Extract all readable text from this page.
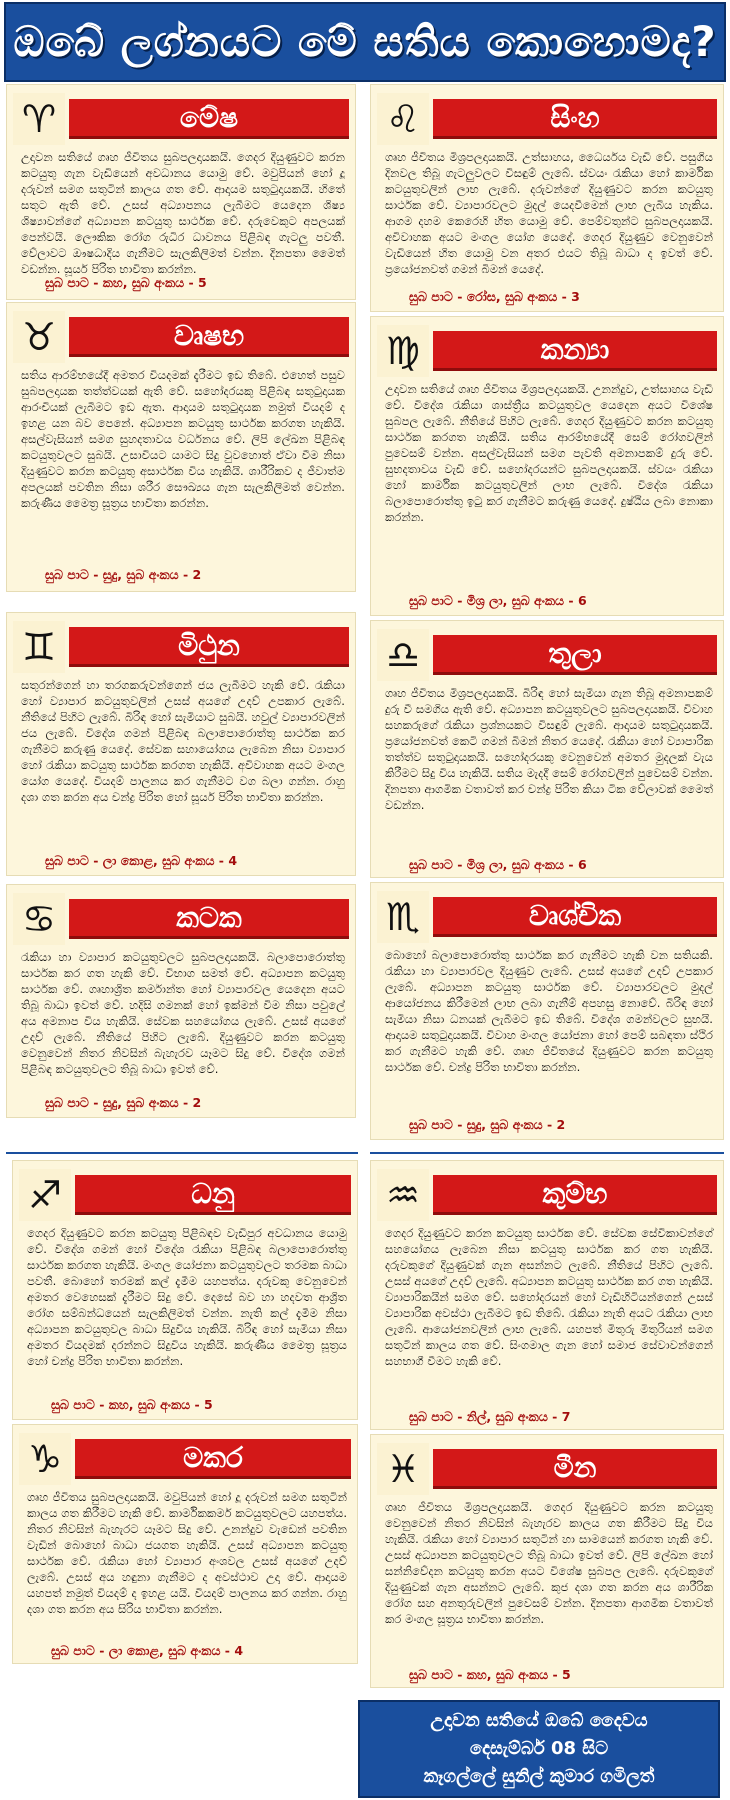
ඔබේ ලග්නයට මේ සතිය කොහොමද?
♈	මේෂ
උදාවන සතියේ ගෘහ ජීවිතය සුබපලදායකයි. ගෙදර දියුණුවට කරන කටයුතු ගැන වැඩියෙන් අවධානය යොමු වේ. මවුපියන් හෝ දූ දරුවන් සමග සතුටින් කාලය ගත වේ. ආදායම සතුටුදායකයි. හිතේ සතුට ඇති වේ. උසස් අධ්‍යාපනය ලැබීමට යෙදෙන ශිෂ්‍ය ශිෂ්‍යාවන්ගේ අධ්‍යාපන කටයුතු සාර්ථක වේ. දරුවෙකුට අපලයක් පෙන්වයි. ලෞකික රෝග රුධිර ධාවනය පිළිබඳ ගැටලු පවතී. වේලාවට ඖෂධාදිය ගැනීමට සැලකිලිමත් වන්න. දිනපතා මෛත් වඩන්න. සූර්ය පිරිත භාවිතා කරන්න.
සුබ පාට - කහ, සුබ අංකය - 5
♉	වෘෂභ
සතිය ආරම්භයේදී අමතර වියදමක් දැරීමට ඉඩ තිබේ. එහෙත් පසුව සුබපලදායක තත්ත්වයක් ඇති වේ. සහෝදරයකු පිළිබඳ සතුටුදායක ආරංචියක් ලැබීමට ඉඩ ඇත. ආදායම සතුටුදායක නමුත් වියදම් ද ඉහළ යන බව පෙනේ. අධ්‍යාපන කටයුතු සාර්ථක කරගත හැකියි. අසල්වැසියන් සමග සුහදතාවය වර්ධනය වේ. ලිපි ලේඛන පිළිබඳ කටයුතුවලට සුබයි. උසාවියට යාමට සිදු වුවහොත් ඒවා වීම නිසා දියුණුවට කරන කටයුතු අසාර්ථක විය හැකියි. ශාරීරිකව ද ජීවාත්ම අපලයක් පවතින නිසා ශරීර සෞඛ්‍යය ගැන සැලකිලිමත් වෙන්න. කරුණීය මෛත්‍ර සූත්‍රය භාවිතා කරන්න.
සුබ පාට - සුදු, සුබ අංකය - 2
♊	මිථුන
සතුරන්ගෙන් හා තරගකරුවන්ගෙන් ජය ලැබීමට හැකි වේ. රැකියා හෝ ව්‍යාපාර කටයුතුවලින් උසස් අයගේ උදව් උපකාර ලැබේ. නීතියේ පිහිට ලැබේ. බිරිඳ හෝ සැමියාට සුබයි. හවුල් ව්‍යාපාරවලින් ජය ලැබේ. විදේශ ගමන් පිළිබඳ බලාපොරොත්තු සාර්ථක කර ගැනීමට කරුණු යෙදේ. සේවක සහායෝගය ලැබෙන නිසා ව්‍යාපාර හෝ රැකියා කටයුතු සාර්ථක කරගත හැකියි. අවිවාහක අයට මංගල යෝග යෙදේ. වියදම් පාලනය කර ගැනීමට වග බලා ගන්න. රාහු දශා ගත කරන අය චන්ද්‍ර පිරිත හෝ සූර්ය පිරිත භාවිතා කරන්න.
සුබ පාට - ලා කොළ, සුබ අංකය - 4
♋	කටක
රැකියා හා ව්‍යාපාර කටයුතුවලට සුබපලදායකයි. බලාපොරොත්තු සාර්ථක කර ගත හැකි වේ. විභාග සමත් වේ. අධ්‍යාපන කටයුතු සාර්ථක වේ. ගෘහාශ්‍රිත කර්මාන්ත හෝ ව්‍යාපාරවල යෙදෙන අයට තිබූ බාධා ඉවත් වේ. හදිසි ගමනක් හෝ ඉක්මන් විම නිසා පවුලේ අය අමනාප විය හැකියි. සේවක සහයෝගය ලැබේ. උසස් අයගේ උදව් ලැබේ. නීතියේ පිහිට ලැබේ. දියුණුවට කරන කටයුතු වෙනුවෙන් නිතර නිවසින් බැහැරව යෑමට සිදු වේ. විදේශ ගමන් පිළිබඳ කටයුතුවලට තිබූ බාධා ඉවත් වේ.
සුබ පාට - සුදු, සුබ අංකය - 2
♌	සිංහ
ගෘහ ජීවිතය මිශ්‍රපලදායකයි. උත්සාහය, ධෛර්යය වැඩි වේ. පසුගිය දිනවල තිබූ ගැටලුවලට විසඳුම් ලැබේ. ස්වයං රැකියා හෝ කාර්මික කටයුතුවලින් ලාභ ලැබේ. දරුවන්ගේ දියුණුවට කරන කටයුතු සාර්ථක වේ. ව්‍යාපාරවලට මුදල් යෙදවීමෙන් ලාභ ලැබිය හැකිය. ආගම දහම කෙරෙහි හිත යොමු වේ. පෙම්වතුන්ට සුබපලදායකයි. අවිවාහක අයට මංගල යෝග යෙදේ. ගෙදර දියුණුව වෙනුවෙන් වැඩියෙන් හිත යොමු වන අතර එයට තිබූ බාධා ද ඉවත් වේ. ප්‍රයෝජනවත් ගමන් බිමන් යෙදේ.
සුබ පාට - රෝස, සුබ අංකය - 3
♍	කන්‍යා
උදාවන සතියේ ගෘහ ජීවිතය මිශ්‍රපලදායකයි. උනන්දුව, උත්සාහය වැඩි වේ. විදේශ රැකියා ශාස්ත්‍රීය කටයුතුවල යෙදෙන අයට විශේෂ සුබපල ලැබේ. නීතියේ පිහිට ලැබේ. ගෙදර දියුණුවට කරන කටයුතු සාර්ථක කරගත හැකියි. සතිය ආරම්භයේදී සෙම් රෝගවලින් පුවෙසම් වන්න. අසල්වැසියන් සමග පැවති අමනාපකම් දුරු වේ. සුභදතාවය වැඩි වේ. සහෝදරයන්ට සුබපලදායකයි. ස්වයං රැකියා හෝ කාර්මික කටයුතුවලින් ලාභ ලැබේ. විදේශ රැකියා බලාපොරොත්තු ඉටු කර ගැනීමට කරුණු යෙදේ. දුෂ්ඨිය ලබා නොකා කරන්න.
සුබ පාට - මිශ්‍ර ලා, සුබ අංකය - 6
♎	තුලා
ගෘහ ජීවිතය මිශ්‍රපලදායකයි. බිරිඳ හෝ සැමියා ගැන තිබූ අමනාපකම් දුරු වී සමගිය ඇති වේ. අධ්‍යාපන කටයුතුවලට සුබපලදායකයි. විවාහ සහකරුගේ රැකියා ප්‍රශ්නයකට විසඳුම් ලැබේ. ආදායම සතුටුදායකයි. ප්‍රයෝජනවත් කෙටි ගමන් බිමන් නිතර යෙදේ. රැකියා හෝ ව්‍යාපාරික තත්ත්ව සතුටුදායකයි. සහෝදරයකු වෙනුවෙන් අමතර මුදලක් වැය කිරීමට සිදු විය හැකියි. සතිය මැදදී සෙම් රෝගවලින් පුවෙසම් වන්න. දිනපතා ආගමික වතාවත් කර චන්ද්‍ර පිරිත කියා ටික වේලාවක් මෛත් වඩන්න.
සුබ පාට - මිශ්‍ර ලා, සුබ අංකය - 6
♏	වෘශ්චික
බොහෝ බලාපොරොත්තු සාර්ථක කර ගැනීමට හැකි වන සතියකි. රැකියා හා ව්‍යාපාරවල දියුණුව ලැබේ. උසස් අයගේ උදව් උපකාර ලැබේ. අධ්‍යාපන කටයුතු සාර්ථක වේ. ව්‍යාපාරවලට මුදල් ආයෝජනය කිරීමෙන් ලාභ ලබා ගැනීම් අපහසු නොවේ. බිරිඳ හෝ සැමියා නිසා ධනයක් ලැබීමට ඉඩ තිබේ. විදේශ ගමන්වලට සුභයි. ආදායම සතුටුදායකයි. විවාහ මංගල යෝජනා හෝ පෙම් සබඳතා ස්ථිර කර ගැනීමට හැකි වේ. ගෘහ ජීවිතයේ දියුණුවට කරන කටයුතු සාර්ථක වේ. චන්ද්‍ර පිරිත භාවිතා කරන්න.
සුබ පාට - සුදු, සුබ අංකය - 2
♐	ධනු
ගෙදර දියුණුවට කරන කටයුතු පිළිබඳව වැඩිපුර අවධානය යොමු වේ. විදේශ ගමන් හෝ විදේශ රැකියා පිළිබඳ බලාපොරොත්තු සාර්ථක කරගත හැකියි. මංගල යෝජනා කටයුතුවලට තරමක බාධා පවතී. බොහෝ තරමක් කල් දැමීම යහපත්ය. දරුවකු වෙනුවෙන් අමතර වෙහෙසක් දැරීමට සිදු වේ. දෙසේ බව හා හදවත ආශ්‍රිත රෝග සම්බන්ධයෙන් සැලකිලිමත් වන්න. නැති කල් දැමීම නිසා අධ්‍යාපන කටයුතුවල බාධා සිදුවිය හැකියි. බිරිඳ හෝ සැමියා නිසා අමතර වියදමක් දරන්නට සිදුවිය හැකියි. කරුණීය මෛත්‍ර සූත්‍රය හෝ චන්ද්‍ර පිරිත භාවිතා කරන්න.
සුබ පාට - කහ, සුබ අංකය - 5
♑	මකර
ගෘහ ජීවිතය සුබපලදායකයි. මවුපියන් හෝ දූ දරුවන් සමග සතුටින් කාලය ගත කිරීමට හැකි වේ. කාර්මිකකර්ම කටයුතුවලට යහපත්ය. නිතර නිවසින් බැහැරට යෑමට සිදු වේ. උනන්දුව වැඩෙන් පවතින වැඩින් බොහෝ බාධා ජයගත හැකියි. උසස් අධ්‍යාපන කටයුතු සාර්ථක වේ. රැකියා හෝ ව්‍යාපාර අංශවල උසස් අයගේ උදව් ලැබේ. උසස් අය හඳුනා ගැනීමට ද අවස්ථාව උදා වේ. ආදායම යහපත් නමුත් වියදම් ද ඉහළ යයි. වියදම් පාලනය කර ගන්න. රාහු දශා ගත කරන අය සිරිය භාවිතා කරන්න.
සුබ පාට - ලා කොළ, සුබ අංකය - 4
♒	කුම්භ
ගෙදර දියුණුවට කරන කටයුතු සාර්ථක වේ. සේවක සේවිකාවන්ගේ සහයෝගය ලැබෙන නිසා කටයුතු සාර්ථක කර ගත හැකියි. දරුවකුගේ දියුණුවක් ගැන අසන්නට ලැබේ. නීතියේ පිහිට ලැබේ. උසස් අයගේ උදව් ලැබේ. අධ්‍යාපන කටයුතු සාර්ථක කර ගත හැකියි. ව්‍යාපාරිකයින් සමග වේ. සහෝදරයන් හෝ වැඩිහිටියන්ගෙන් උසස් ව්‍යාපාරික අවස්ථා ලැබීමට ඉඩ තිබේ. රැකියා නැති අයට රැකියා ලාභ ලැබේ. ආයෝජනවලින් ලාභ ලැබේ. යහපත් මිතුරු මිතුරියන් සමග සතුටින් කාලය ගත වේ. සිංගමාල ගැන හෝ සමාජ සේවාවන්ගෙන් සහභාගී වීමට හැකි වේ.
සුබ පාට - නිල්, සුබ අංකය - 7
♓	මීන
ගෘහ ජීවිතය මිශ්‍රපලදායකයි. ගෙදර දියුණුවට කරන කටයුතු වෙනුවෙන් නිතර නිවසින් බැහැරව කාලය ගත කිරීමට සිදු විය හැකියි. රැකියා හෝ ව්‍යාපාර සතුටින් හා සාමයෙන් කරගත හැකි වේ. උසස් අධ්‍යාපන කටයුතුවලට තිබූ බාධා ඉවත් වේ. ලිපි ලේඛන හෝ සන්නිවේදන කටයුතු කරන අයට විශේෂ සුබපල ලැබේ. දරුවකුගේ දියුණුවක් ගැන අසන්නට ලැබේ. කුජ දශා ගත කරන අය ශාරීරික රෝග සහ අනතුරුවලින් පුවෙසම් වන්න. දිනපතා ආගමික වතාවත් කර මංගල සූත්‍රය භාවිතා කරන්න.
සුබ පාට - කහ, සුබ අංකය - 5
උදාවන සතියේ ඔබේ දෛවය
දෙසැම්බර් 08 සිට
කෑගල්ලේ සුනිල් කුමාර ගමිලත්
